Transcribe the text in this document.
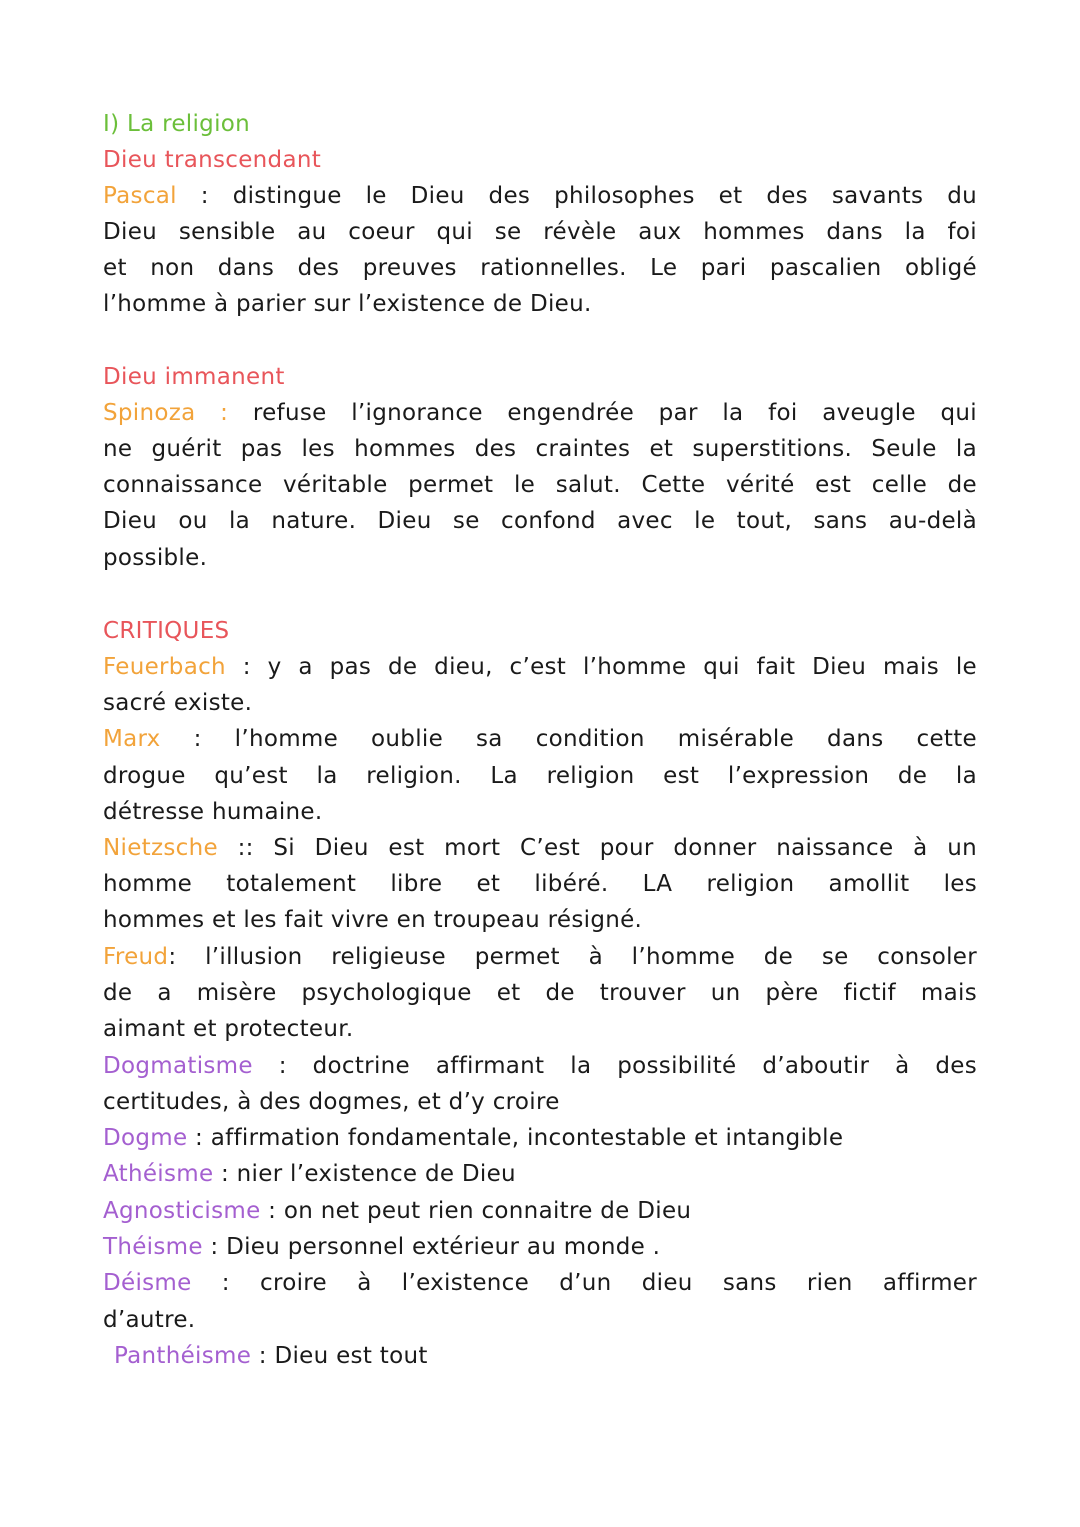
I) La religion
Dieu transcendant
Pascal : distingue le Dieu des philosophes et des savants du
Dieu sensible au coeur qui se révèle aux hommes dans la foi
et non dans des preuves rationnelles. Le pari pascalien obligé
l’homme à parier sur l’existence de Dieu.
Dieu immanent
Spinoza : refuse l’ignorance engendrée par la foi aveugle qui
ne guérit pas les hommes des craintes et superstitions. Seule la
connaissance véritable permet le salut. Cette vérité est celle de
Dieu ou la nature. Dieu se confond avec le tout, sans au-delà
possible.
CRITIQUES
Feuerbach : y a pas de dieu, c’est l’homme qui fait Dieu mais le
sacré existe.
Marx : l’homme oublie sa condition misérable dans cette
drogue qu’est la religion. La religion est l’expression de la
détresse humaine.
Nietzsche :: Si Dieu est mort C’est pour donner naissance à un
homme totalement libre et libéré. LA religion amollit les
hommes et les fait vivre en troupeau résigné.
Freud: l’illusion religieuse permet à l’homme de se consoler
de a misère psychologique et de trouver un père fictif mais
aimant et protecteur.
Dogmatisme : doctrine affirmant la possibilité d’aboutir à des
certitudes, à des dogmes, et d’y croire
Dogme : affirmation fondamentale, incontestable et intangible
Athéisme : nier l’existence de Dieu
Agnosticisme : on net peut rien connaitre de Dieu
Théisme : Dieu personnel extérieur au monde .
Déisme : croire à l’existence d’un dieu sans rien affirmer
d’autre.
Panthéisme : Dieu est tout
